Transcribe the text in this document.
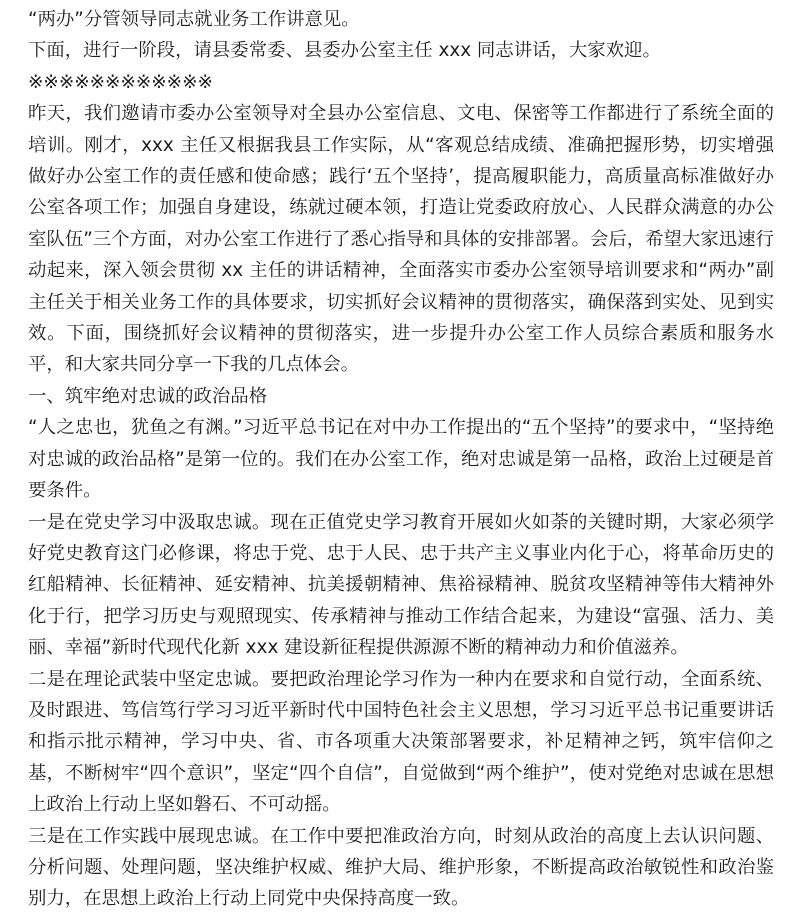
“两办”分管领导同志就业务工作讲意见。

下面，进行一阶段，请县委常委、县委办公室主任 xxx 同志讲话，大家欢迎。

※※※※※※※※※※※※

昨天，我们邀请市委办公室领导对全县办公室信息、文电、保密等工作都进行了系统全面的培训。刚才，xxx 主任又根据我县工作实际，从“客观总结成绩、准确把握形势，切实增强做好办公室工作的责任感和使命感；践行‘五个坚持’，提高履职能力，高质量高标准做好办公室各项工作；加强自身建设，练就过硬本领，打造让党委政府放心、人民群众满意的办公室队伍”三个方面，对办公室工作进行了悉心指导和具体的安排部署。会后，希望大家迅速行动起来，深入领会贯彻 xx 主任的讲话精神，全面落实市委办公室领导培训要求和“两办”副主任关于相关业务工作的具体要求，切实抓好会议精神的贯彻落实，确保落到实处、见到实效。下面，围绕抓好会议精神的贯彻落实，进一步提升办公室工作人员综合素质和服务水平，和大家共同分享一下我的几点体会。

一、筑牢绝对忠诚的政治品格

“人之忠也，犹鱼之有渊。”习近平总书记在对中办工作提出的“五个坚持”的要求中，“坚持绝对忠诚的政治品格”是第一位的。我们在办公室工作，绝对忠诚是第一品格，政治上过硬是首要条件。

一是在党史学习中汲取忠诚。现在正值党史学习教育开展如火如荼的关键时期，大家必须学好党史教育这门必修课，将忠于党、忠于人民、忠于共产主义事业内化于心，将革命历史的红船精神、长征精神、延安精神、抗美援朝精神、焦裕禄精神、脱贫攻坚精神等伟大精神外化于行，把学习历史与观照现实、传承精神与推动工作结合起来，为建设“富强、活力、美丽、幸福”新时代现代化新 xxx 建设新征程提供源源不断的精神动力和价值滋养。

二是在理论武装中坚定忠诚。要把政治理论学习作为一种内在要求和自觉行动，全面系统、及时跟进、笃信笃行学习习近平新时代中国特色社会主义思想，学习习近平总书记重要讲话和指示批示精神，学习中央、省、市各项重大决策部署要求，补足精神之钙，筑牢信仰之基，不断树牢“四个意识”，坚定“四个自信”，自觉做到“两个维护”，使对党绝对忠诚在思想上政治上行动上坚如磐石、不可动摇。

三是在工作实践中展现忠诚。在工作中要把准政治方向，时刻从政治的高度上去认识问题、分析问题、处理问题，坚决维护权威、维护大局、维护形象，不断提高政治敏锐性和政治鉴别力，在思想上政治上行动上同党中央保持高度一致。
